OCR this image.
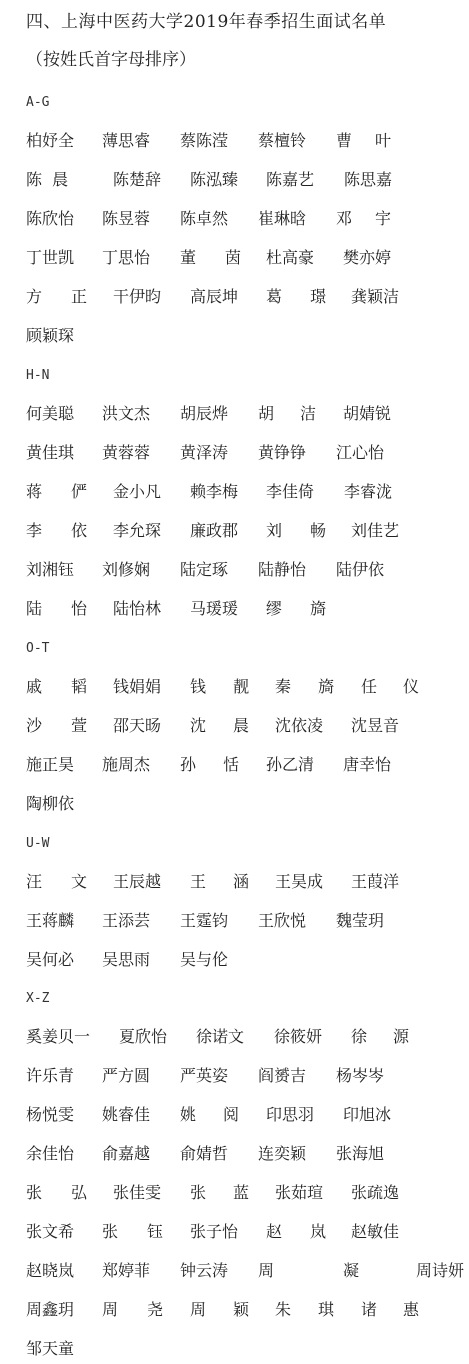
四、上海中医药大学2019年春季招生面试名单
（按姓氏首字母排序）
A-G
柏妤全 薄思睿 蔡陈滢 蔡檀铃 曹 叶
陈  晨	陈楚辞 陈泓臻 陈嘉艺 陈思嘉
陈欣怡 陈昱蓉 陈卓然 崔琳晗 邓 宇
丁世凯 丁思怡 董 茵 杜高豪 樊亦婷
方 正 干伊昀 高辰坤 葛 璟 龚颖洁
顾颖琛
H-N
何美聪 洪文杰 胡辰烨 胡 洁 胡婧锐
黄佳琪 黄蓉蓉 黄泽涛 黄铮铮 江心怡
蒋 俨 金小凡 赖李梅 李佳倚 李睿泷
李 依 李允琛 廉政郡 刘 畅 刘佳艺
刘湘钰 刘修娴 陆定琢 陆静怡 陆伊依
陆 怡 陆怡林 马瑗瑗 缪 旖
O-T
戚 韬 钱娟娟 钱 靓 秦 旖 任 仪
沙 萱 邵天旸 沈 晨 沈依凌 沈昱音
施正昊 施周杰 孙 恬 孙乙清 唐幸怡
陶柳依
U-W
汪 文 王辰越 王 涵 王昊成 王葭洋
王蒋麟 王添芸 王霆钧 王欣悦 魏莹玥
吴何必 吴思雨 吴与伦
X-Z
奚姜贝一 夏欣怡 徐诺文 徐筱妍 徐 源
许乐青 严方圆 严英姿 阎赟吉 杨岑岑
杨悦雯 姚睿佳 姚 阅 印思羽 印旭冰
余佳怡 俞嘉越 俞婧哲 连奕颖 张海旭
张 弘 张佳雯 张 蓝 张茹瑄 张疏逸
张文希 张 钰 张子怡 赵 岚 赵敏佳
赵晓岚 郑婷菲 钟云涛 周	凝	周诗妍
周鑫玥 周 尧 周 颖 朱 琪 诸 惠
邹天童
